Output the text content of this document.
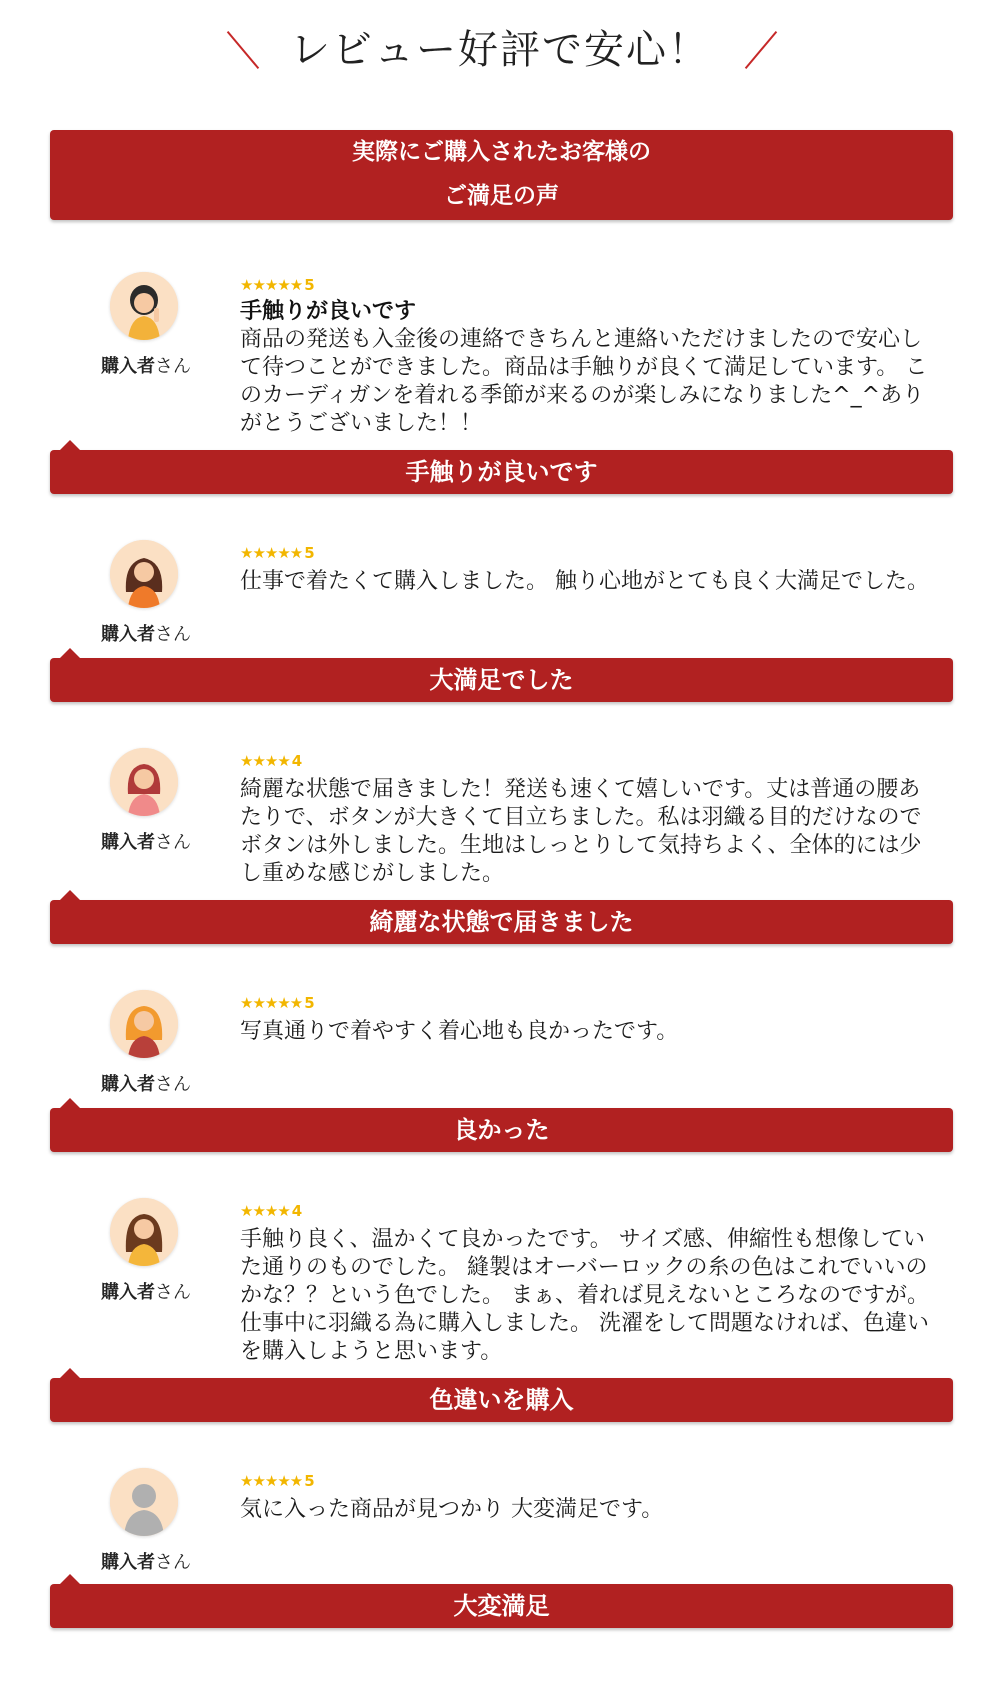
レビュー好評で安心！
実際にご購入されたお客様の
ご満足の声
購入者さん
★★★★★ 5
手触りが良いです
商品の発送も入金後の連絡できちんと連絡いただけましたので安心して待つことができました。商品は手触りが良くて満足しています。 このカーディガンを着れる季節が来るのが楽しみになりました^_^ありがとうございました！！
手触りが良いです
購入者さん
★★★★★ 5
仕事で着たくて購入しました。 触り心地がとても良く大満足でした。
大満足でした
購入者さん
★★★★ 4
綺麗な状態で届きました！発送も速くて嬉しいです。丈は普通の腰あたりで、ボタンが大きくて目立ちました。私は羽織る目的だけなのでボタンは外しました。生地はしっとりして気持ちよく、全体的には少し重めな感じがしました。
綺麗な状態で届きました
購入者さん
★★★★★ 5
写真通りで着やすく着心地も良かったです。
良かった
購入者さん
★★★★ 4
手触り良く、温かくて良かったです。 サイズ感、伸縮性も想像していた通りのものでした。 縫製はオーバーロックの糸の色はこれでいいのかな？？という色でした。 まぁ、着れば見えないところなのですが。 仕事中に羽織る為に購入しました。 洗濯をして問題なければ、色違いを購入しようと思います。
色違いを購入
購入者さん
★★★★★ 5
気に入った商品が見つかり 大変満足です。
大変満足
